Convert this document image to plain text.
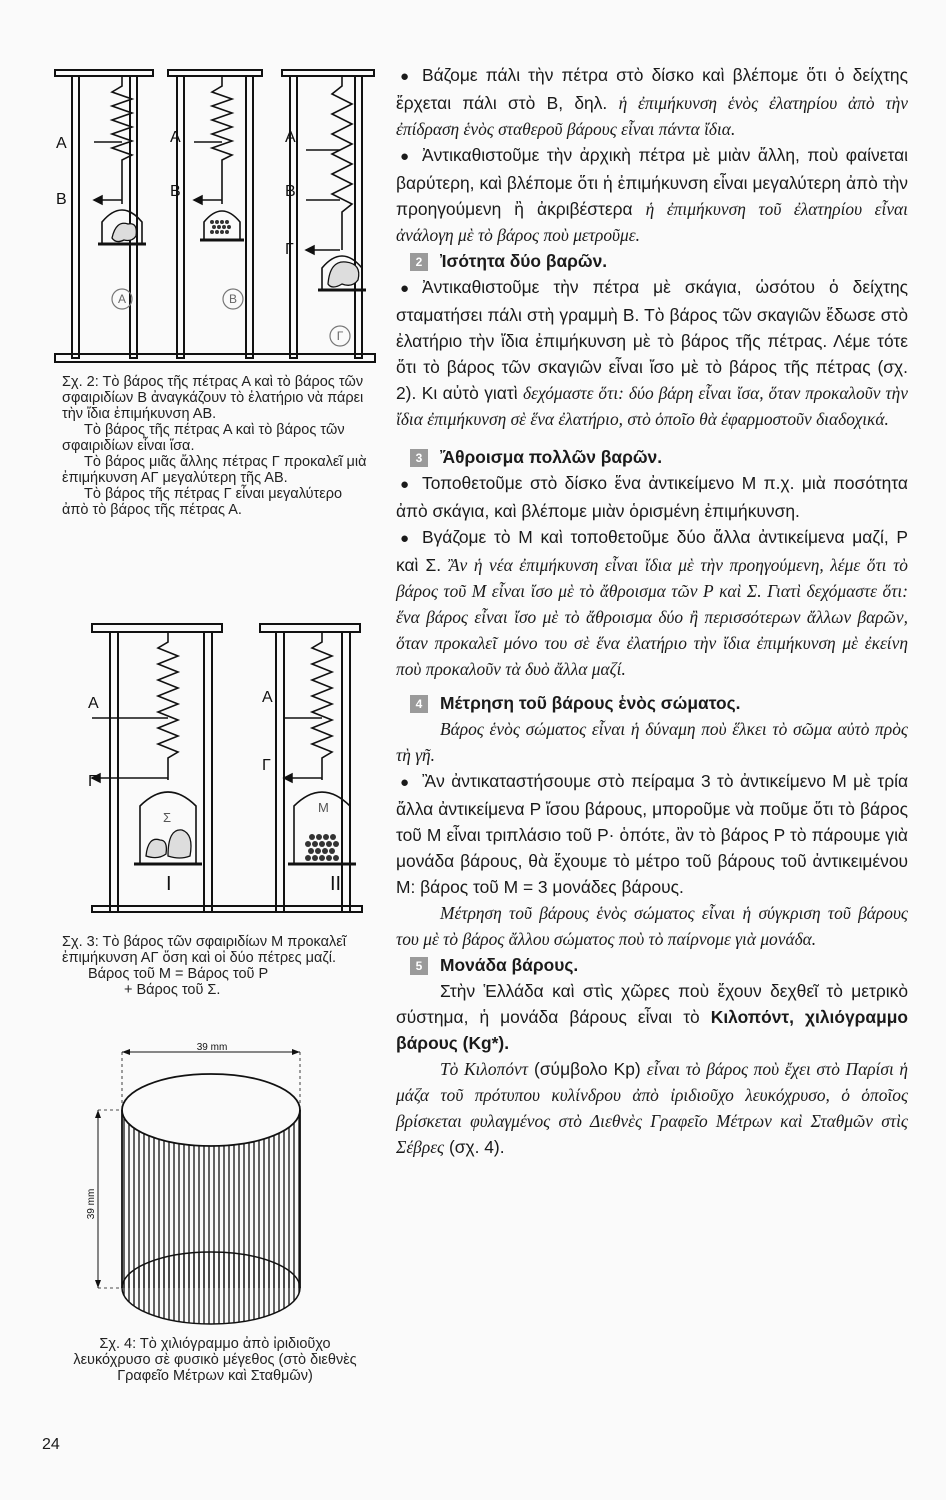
A
B
A
B
A
B
Γ
A	B
Γ

Σχ. 2: Τὸ βάρος τῆς πέτρας Α καὶ τὸ βάρος τῶν σφαιριδίων Β ἀναγκάζουν τὸ ἐλατήριο νὰ πάρει τὴν ἴδια ἐπιμήκυνση ΑΒ.

Τὸ βάρος τῆς πέτρας Α καὶ τὸ βάρος τῶν σφαιριδίων εἶναι ἴσα.

Τὸ βάρος μιᾶς ἄλλης πέτρας Γ προκαλεῖ μιὰ ἐπιμήκυνση ΑΓ μεγαλύτερη τῆς ΑΒ.

Τὸ βάρος τῆς πέτρας Γ εἶναι μεγαλύτερο ἀπὸ τὸ βάρος τῆς πέτρας Α.

A
Γ
A
Γ
I	II
Σ
M

Σχ. 3: Τὸ βάρος τῶν σφαιριδίων Μ προκαλεῖ ἐπιμήκυνση ΑΓ ὅση καὶ οἱ δύο πέτρες μαζί.

Βάρος τοῦ Μ = Βάρος τοῦ Ρ

+ Βάρος τοῦ Σ.

39 mm
39 mm
Σχ. 4: Τὸ χιλιόγραμμο ἀπὸ ἰριδιοῦχο λευκόχρυσο σὲ φυσικὸ μέγεθος (στὸ διεθνὲς Γραφεῖο Μέτρων καὶ Σταθμῶν)
24

● Βάζομε πάλι τὴν πέτρα στὸ δίσκο καὶ βλέπομε ὅτι ὁ δείχτης ἔρχεται πάλι στὸ Β, δηλ. ἡ ἐπιμήκυνση ἑνὸς ἐλατηρίου ἀπὸ τὴν ἐπίδραση ἑνὸς σταθεροῦ βάρους εἶναι πάντα ἴδια.

● Ἀντικαθιστοῦμε τὴν ἀρχικὴ πέτρα μὲ μιὰν ἄλλη, ποὺ φαίνεται βαρύτερη, καὶ βλέπομε ὅτι ἡ ἐπιμήκυνση εἶναι μεγαλύτερη ἀπὸ τὴν προηγούμενη ἢ ἀκριβέστερα ἡ ἐπιμήκυνση τοῦ ἐλατηρίου εἶναι ἀνάλογη μὲ τὸ βάρος ποὺ μετροῦμε.

2 Ἰσότητα δύο βαρῶν.

● Ἀντικαθιστοῦμε τὴν πέτρα μὲ σκάγια, ὡσότου ὁ δείχτης σταματήσει πάλι στὴ γραμμὴ Β. Τὸ βάρος τῶν σκαγιῶν ἔδωσε στὸ ἐλατήριο τὴν ἴδια ἐπιμήκυνση μὲ τὸ βάρος τῆς πέτρας. Λέμε τότε ὅτι τὸ βάρος τῶν σκαγιῶν εἶναι ἴσο μὲ τὸ βάρος τῆς πέτρας (σχ. 2). Κι αὐτὸ γιατὶ δεχόμαστε ὅτι: δύο βάρη εἶναι ἴσα, ὅταν προκαλοῦν τὴν ἴδια ἐπιμήκυνση σὲ ἕνα ἐλατήριο, στὸ ὁποῖο θὰ ἐφαρμοστοῦν διαδοχικά.

3 Ἄθροισμα πολλῶν βαρῶν.

● Τοποθετοῦμε στὸ δίσκο ἕνα ἀντικείμενο Μ π.χ. μιὰ ποσότητα ἀπὸ σκάγια, καὶ βλέπομε μιὰν ὁρισμένη ἐπιμήκυνση.

● Βγάζομε τὸ Μ καὶ τοποθετοῦμε δύο ἄλλα ἀντικείμενα μαζί, Ρ καὶ Σ. Ἂν ἡ νέα ἐπιμήκυνση εἶναι ἴδια μὲ τὴν προηγούμενη, λέμε ὅτι τὸ βάρος τοῦ Μ εἶναι ἴσο μὲ τὸ ἄθροισμα τῶν Ρ καὶ Σ. Γιατὶ δεχόμαστε ὅτι: ἕνα βάρος εἶναι ἴσο μὲ τὸ ἄθροισμα δύο ἢ περισσότερων ἄλλων βαρῶν, ὅταν προκαλεῖ μόνο του σὲ ἕνα ἐλατήριο τὴν ἴδια ἐπιμήκυνση μὲ ἐκείνη ποὺ προκαλοῦν τὰ δυὸ ἄλλα μαζί.

4 Μέτρηση τοῦ βάρους ἑνὸς σώματος.

Βάρος ἑνὸς σώματος εἶναι ἡ δύναμη ποὺ ἕλκει τὸ σῶμα αὐτὸ πρὸς τὴ γῆ.

● Ἂν ἀντικαταστήσουμε στὸ πείραμα 3 τὸ ἀντικείμενο Μ μὲ τρία ἄλλα ἀντικείμενα Ρ ἴσου βάρους, μποροῦμε νὰ ποῦμε ὅτι τὸ βάρος τοῦ Μ εἶναι τριπλάσιο τοῦ Ρ· ὁπότε, ἂν τὸ βάρος Ρ τὸ πάρουμε γιὰ μονάδα βάρους, θὰ ἔχουμε τὸ μέτρο τοῦ βάρους τοῦ ἀντικειμένου Μ: βάρος τοῦ Μ = 3 μονάδες βάρους.

Μέτρηση τοῦ βάρους ἑνὸς σώματος εἶναι ἡ σύγκριση τοῦ βάρους του μὲ τὸ βάρος ἄλλου σώματος ποὺ τὸ παίρνομε γιὰ μονάδα.

5 Μονάδα βάρους.

Στὴν Ἑλλάδα καὶ στὶς χῶρες ποὺ ἔχουν δεχθεῖ τὸ μετρικὸ σύστημα, ἡ μονάδα βάρους εἶναι τὸ Κιλοπόντ, χιλιόγραμμο βάρους (Kg*).

Τὸ Κιλοπόντ (σύμβολο Kp) εἶναι τὸ βάρος ποὺ ἔχει στὸ Παρίσι ἡ μάζα τοῦ πρότυπου κυλίνδρου ἀπὸ ἰριδιοῦχο λευκόχρυσο, ὁ ὁποῖος βρίσκεται φυλαγμένος στὸ Διεθνὲς Γραφεῖο Μέτρων καὶ Σταθμῶν στὶς Σέβρες (σχ. 4).
